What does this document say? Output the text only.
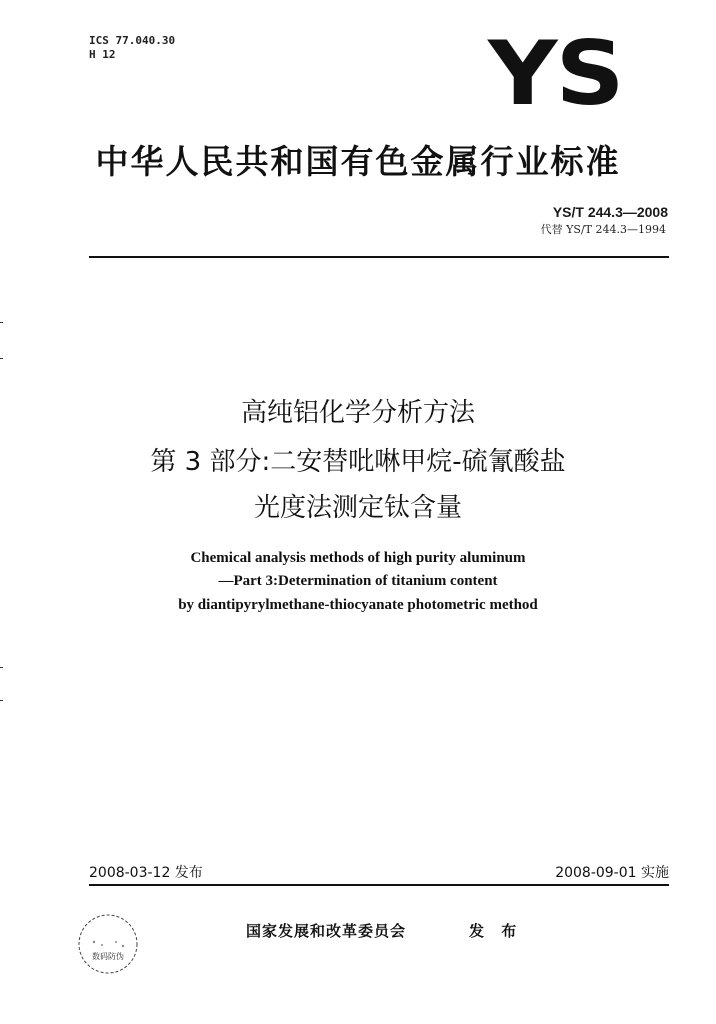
ICS 77.040.30
H 12	YS
中华人民共和国有色金属行业标准
YS/T 244.3—2008
代替 YS/T 244.3—1994
高纯铝化学分析方法
第 3 部分:二安替吡啉甲烷-硫氰酸盐
光度法测定钛含量
Chemical analysis methods of high purity aluminum
—Part 3:Determination of titanium content
by diantipyrylmethane-thiocyanate photometric method
2008-03-12 发布	2008-09-01 实施
数码防伪
国家发展和改革委员会	发 布
